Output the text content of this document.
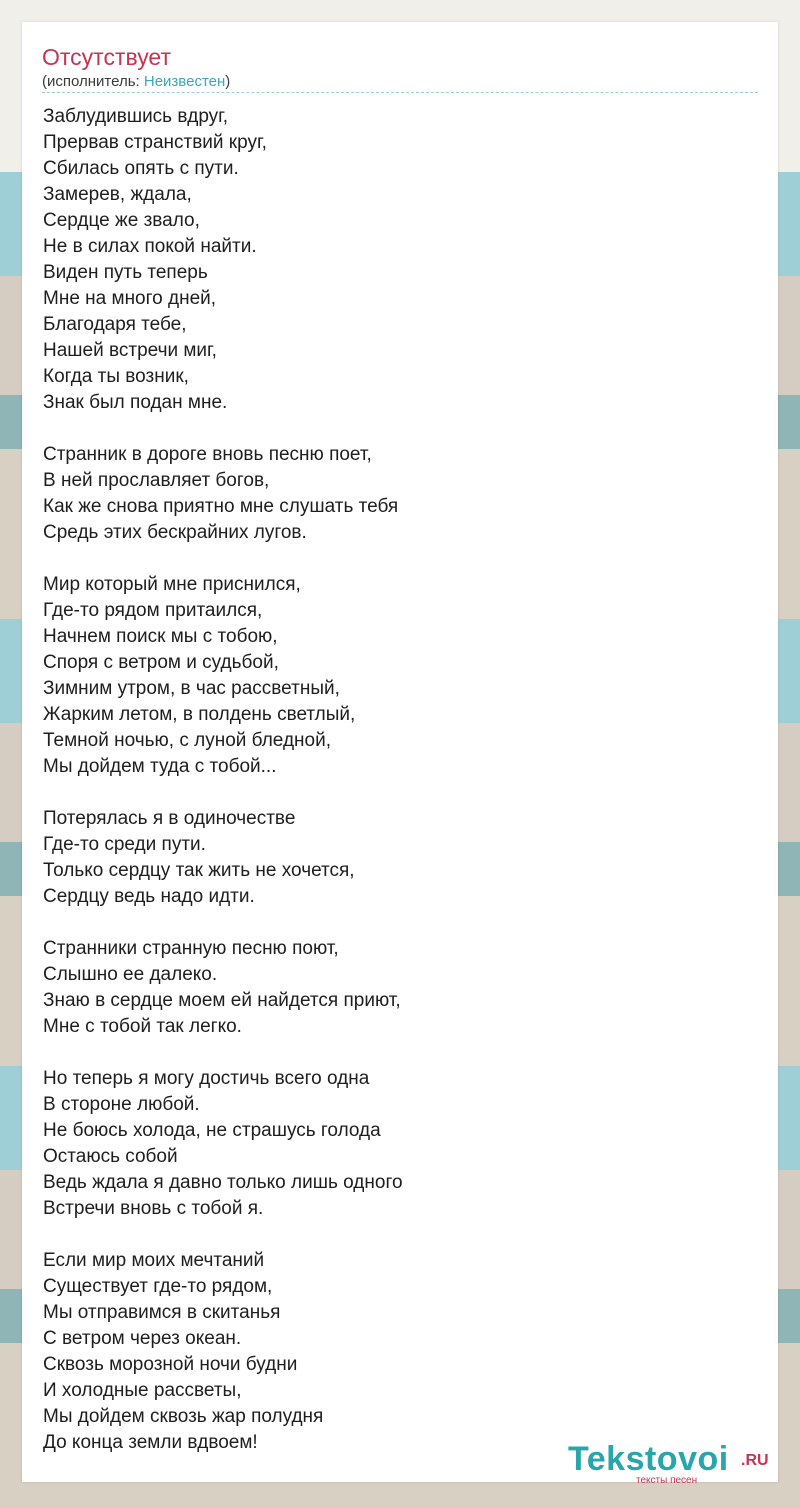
Отсутствует
(исполнитель: Неизвестен)
Заблудившись вдруг,
Прервав странствий круг,
Сбилась опять с пути.
Замерев, ждала,
Сердце же звало,
Не в силах покой найти.
Виден путь теперь
Мне на много дней,
Благодаря тебе,
Нашей встречи миг,
Когда ты возник,
Знак был подан мне.
Странник в дороге вновь песню поет,
В ней прославляет богов,
Как же снова приятно мне слушать тебя
Средь этих бескрайних лугов.
Мир который мне приснился,
Где-то рядом притаился,
Начнем поиск мы с тобою,
Споря с ветром и судьбой,
Зимним утром, в час рассветный,
Жарким летом, в полдень светлый,
Темной ночью, с луной бледной,
Мы дойдем туда с тобой...
Потерялась я в одиночестве
Где-то среди пути.
Только сердцу так жить не хочется,
Сердцу ведь надо идти.
Странники странную песню поют,
Слышно ее далеко.
Знаю в сердце моем ей найдется приют,
Мне с тобой так легко.
Но теперь я могу достичь всего одна
В стороне любой.
Не боюсь холода, не страшусь голода
Остаюсь собой
Ведь ждала я давно только лишь одного
Встречи вновь с тобой я.
Если мир моих мечтаний
Существует где-то рядом,
Мы отправимся в скитанья
С ветром через океан.
Сквозь морозной ночи будни
И холодные рассветы,
Мы дойдем сквозь жар полудня
До конца земли вдвоем!	Tekstovoi .RU
тексты песен
